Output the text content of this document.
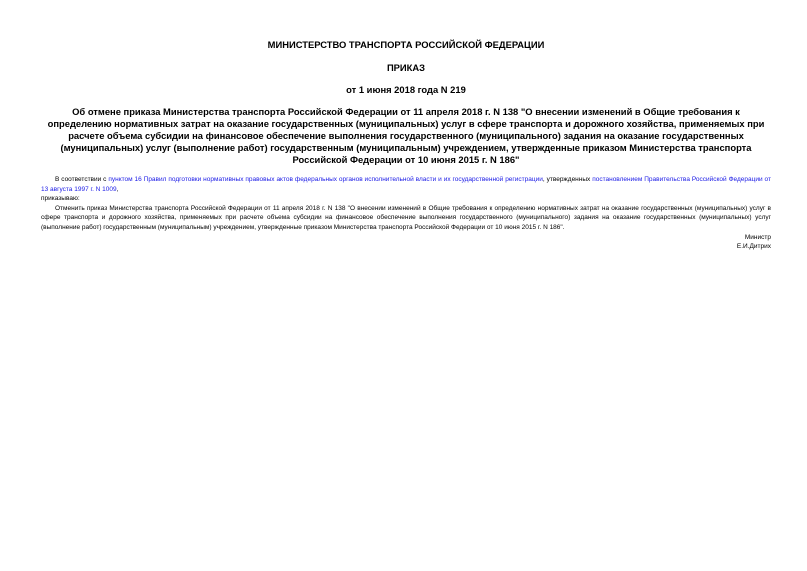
МИНИСТЕРСТВО ТРАНСПОРТА РОССИЙСКОЙ ФЕДЕРАЦИИ

ПРИКАЗ

от 1 июня 2018 года N 219

Об отмене приказа Министерства транспорта Российской Федерации от 11 апреля 2018 г. N 138 "О внесении изменений в Общие требования к определению нормативных затрат на оказание государственных (муниципальных) услуг в сфере транспорта и дорожного хозяйства, применяемых при расчете объема субсидии на финансовое обеспечение выполнения государственного (муниципального) задания на оказание государственных (муниципальных) услуг (выполнение работ) государственным (муниципальным) учреждением, утвержденные приказом Министерства транспорта Российской Федерации от 10 июня 2015 г. N 186"

В соответствии с пунктом 16 Правил подготовки нормативных правовых актов федеральных органов исполнительной власти и их государственной регистрации, утвержденных постановлением Правительства Российской Федерации от 13 августа 1997 г. N 1009,

приказываю:

Отменить приказ Министерства транспорта Российской Федерации от 11 апреля 2018 г. N 138 "О внесении изменений в Общие требования к определению нормативных затрат на оказание государственных (муниципальных) услуг в сфере транспорта и дорожного хозяйства, применяемых при расчете объема субсидии на финансовое обеспечение выполнения государственного (муниципального) задания на оказание государственных (муниципальных) услуг (выполнение работ) государственным (муниципальным) учреждением, утвержденные приказом Министерства транспорта Российской Федерации от 10 июня 2015 г. N 186".

Министр

Е.И.Дитрих
